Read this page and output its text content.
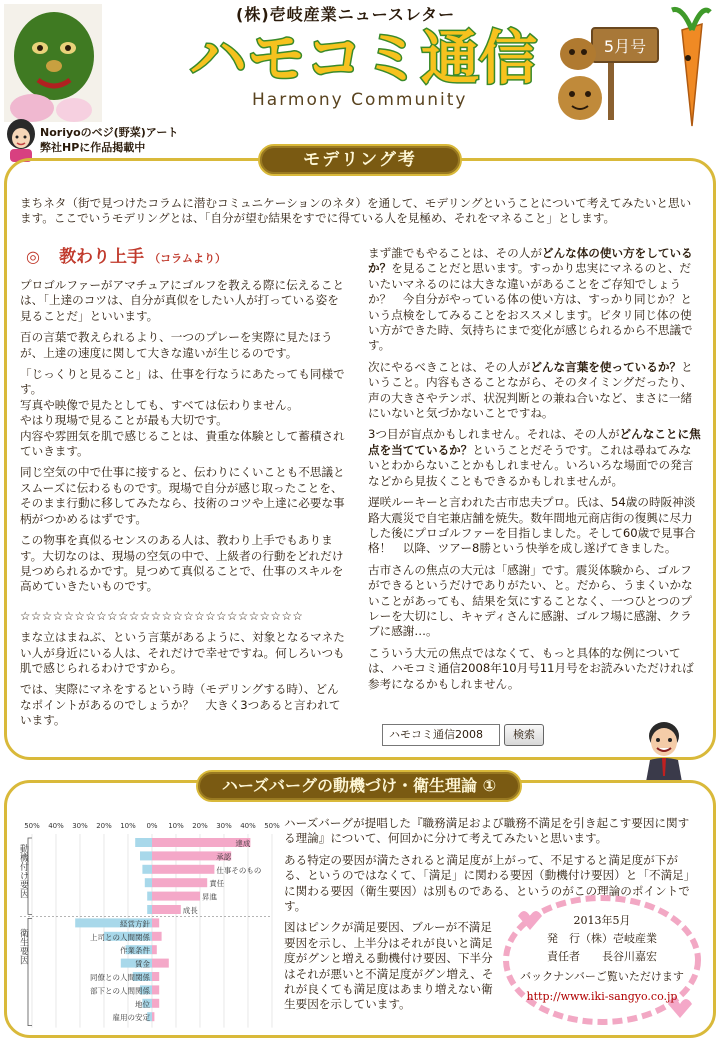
(株)壱岐産業ニュースレター
ハモコミ通信
Harmony Community
5月号
Noriyoのベジ(野菜)アート
弊社HPに作品掲載中
モデリング考
まちネタ（街で見つけたコラムに潜むコミュニケーションのネタ）を通して、モデリングということについて考えてみたいと思います。ここでいうモデリングとは、「自分が望む結果をすでに得ている人を見極め、それをマネること」とします。
◎ 教わり上手 （コラムより）

プロゴルファーがアマチュアにゴルフを教える際に伝えることは、「上達のコツは、自分が真似をしたい人が打っている姿を見ることだ」といいます。

百の言葉で教えられるより、一つのプレーを実際に見たほうが、上達の速度に関して大きな違いが生じるのです。

「じっくりと見ること」は、仕事を行なうにあたっても同様です。
写真や映像で見たとしても、すべては伝わりません。
やはり現場で見ることが最も大切です。
内容や雰囲気を肌で感じることは、貴重な体験として蓄積されていきます。

同じ空気の中で仕事に接すると、伝わりにくいことも不思議とスムーズに伝わるものです。現場で自分が感じ取ったことを、そのまま行動に移してみたなら、技術のコツや上達に必要な事柄がつかめるはずです。

この物事を真似るセンスのある人は、教わり上手でもあります。大切なのは、現場の空気の中で、上級者の行動をどれだけ見つめられるかです。見つめて真似ることで、仕事のスキルを高めていきたいものです。

☆☆☆☆☆☆☆☆☆☆☆☆☆☆☆☆☆☆☆☆☆☆☆☆☆☆

まな立はまねぶ、という言葉があるように、対象となるマネたい人が身近にいる人は、それだけで幸せですね。何しろいつも肌で感じられるわけですから。

では、実際にマネをするという時（モデリングする時）、どんなポイントがあるのでしょうか？　大きく3つあると言われています。

まず誰でもやることは、その人がどんな体の使い方をしているか？を見ることだと思います。すっかり忠実にマネるのと、だいたいマネるのには大きな違いがあることをご存知でしょうか？　今自分がやっている体の使い方は、すっかり同じか？という点検をしてみることをおススメします。ピタリ同じ体の使い方ができた時、気持ちにまで変化が感じられるから不思議です。

次にやるべきことは、その人がどんな言葉を使っているか？ということ。内容もさることながら、そのタイミングだったり、声の大きさやテンポ、状況判断との兼ね合いなど、まさに一緒にいないと気づかないことですね。

3つ目が盲点かもしれません。それは、その人がどんなことに焦点を当てているか？ということだそうです。これは尋ねてみないとわからないことかもしれません。いろいろな場面での発言などから見抜くこともできるかもしれませんが。

遅咲ルーキーと言われた古市忠夫プロ。氏は、54歳の時阪神淡路大震災で自宅兼店舗を焼失。数年間地元商店街の復興に尽力した後にプロゴルファーを目指しました。そして60歳で見事合格！　以降、ツアー8勝という快挙を成し遂げてきました。

古市さんの焦点の大元は「感謝」です。震災体験から、ゴルフができるというだけでありがたい、と。だから、うまくいかないことがあっても、結果を気にすることなく、一つひとつのプレーを大切にし、キャディさんに感謝、ゴルフ場に感謝、クラブに感謝…。

こういう大元の焦点ではなくて、もっと具体的な例については、ハモコミ通信2008年10月号11月号をお読みいただければ参考になるかもしれません。

ハモコミ通信2008	検索
ハーズバーグの動機づけ・衛生理論 ①
50% 40% 30% 20% 10% 0% 10% 20% 30% 40% 50%
達成
承認
仕事そのもの
責任
昇進
成長
経営方針
上司との人間関係
作業条件
賃金
同僚との人間関係
部下との人間関係
地位
雇用の安定
動機付け要因
衛生要因

ハーズバーグが提唱した『職務満足および職務不満足を引き起こす要因に関する理論』について、何回かに分けて考えてみたいと思います。

ある特定の要因が満たされると満足度が上がって、不足すると満足度が下がる、というのではなくて、「満足」に関わる要因（動機付け要因）と「不満足」に関わる要因（衛生要因）は別ものである、というのがこの理論のポイントです。

図はピンクが満足要因、ブルーが不満足要因を示し、上半分はそれが良いと満足度がグンと増える動機付け要因、下半分はそれが悪いと不満足度がグン増え、それが良くても満足度はあまり増えない衛生要因を示しています。

2013年5月
発　行（株）壱岐産業
責任者　　長谷川嘉宏
バックナンバーご覧いただけます
http://www.iki-sangyo.co.jp
